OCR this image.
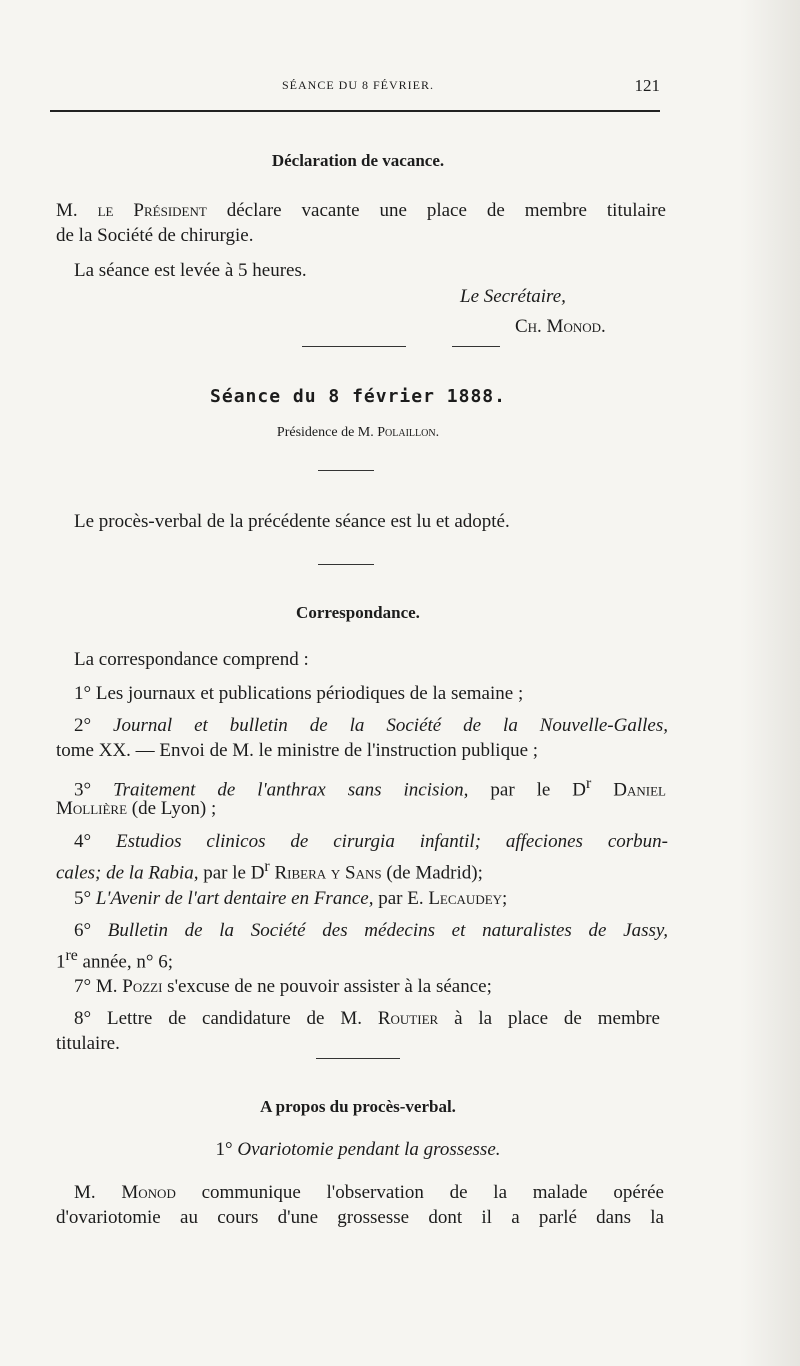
SÉANCE DU 8 FÉVRIER.	121
Déclaration de vacance.
M. le Président déclare vacante une place de membre titulaire
de la Société de chirurgie.
La séance est levée à 5 heures.
Le Secrétaire,
Ch. Monod.
Séance du 8 février 1888.
Présidence de M. Polaillon.
Le procès-verbal de la précédente séance est lu et adopté.
Correspondance.
La correspondance comprend :
1° Les journaux et publications périodiques de la semaine ;
2° Journal et bulletin de la Société de la Nouvelle-Galles,
tome XX. — Envoi de M. le ministre de l'instruction publique ;
3° Traitement de l'anthrax sans incision, par le $D^r$ Daniel
Mollière (de Lyon) ;
4° Estudios clinicos de cirurgia infantil; affeciones corbun-
cales; de la Rabia, par le $D^r$ Ribera y Sans (de Madrid);
5° L'Avenir de l'art dentaire en France, par E. Lecaudey;
6° Bulletin de la Société des médecins et naturalistes de Jassy,
1re année, n° 6;
7° M. Pozzi s'excuse de ne pouvoir assister à la séance;
8° Lettre de candidature de M. Routier à la place de membre
titulaire.
A propos du procès-verbal.
1° Ovariotomie pendant la grossesse.
M. Monod communique l'observation de la malade opérée
d'ovariotomie au cours d'une grossesse dont il a parlé dans la
